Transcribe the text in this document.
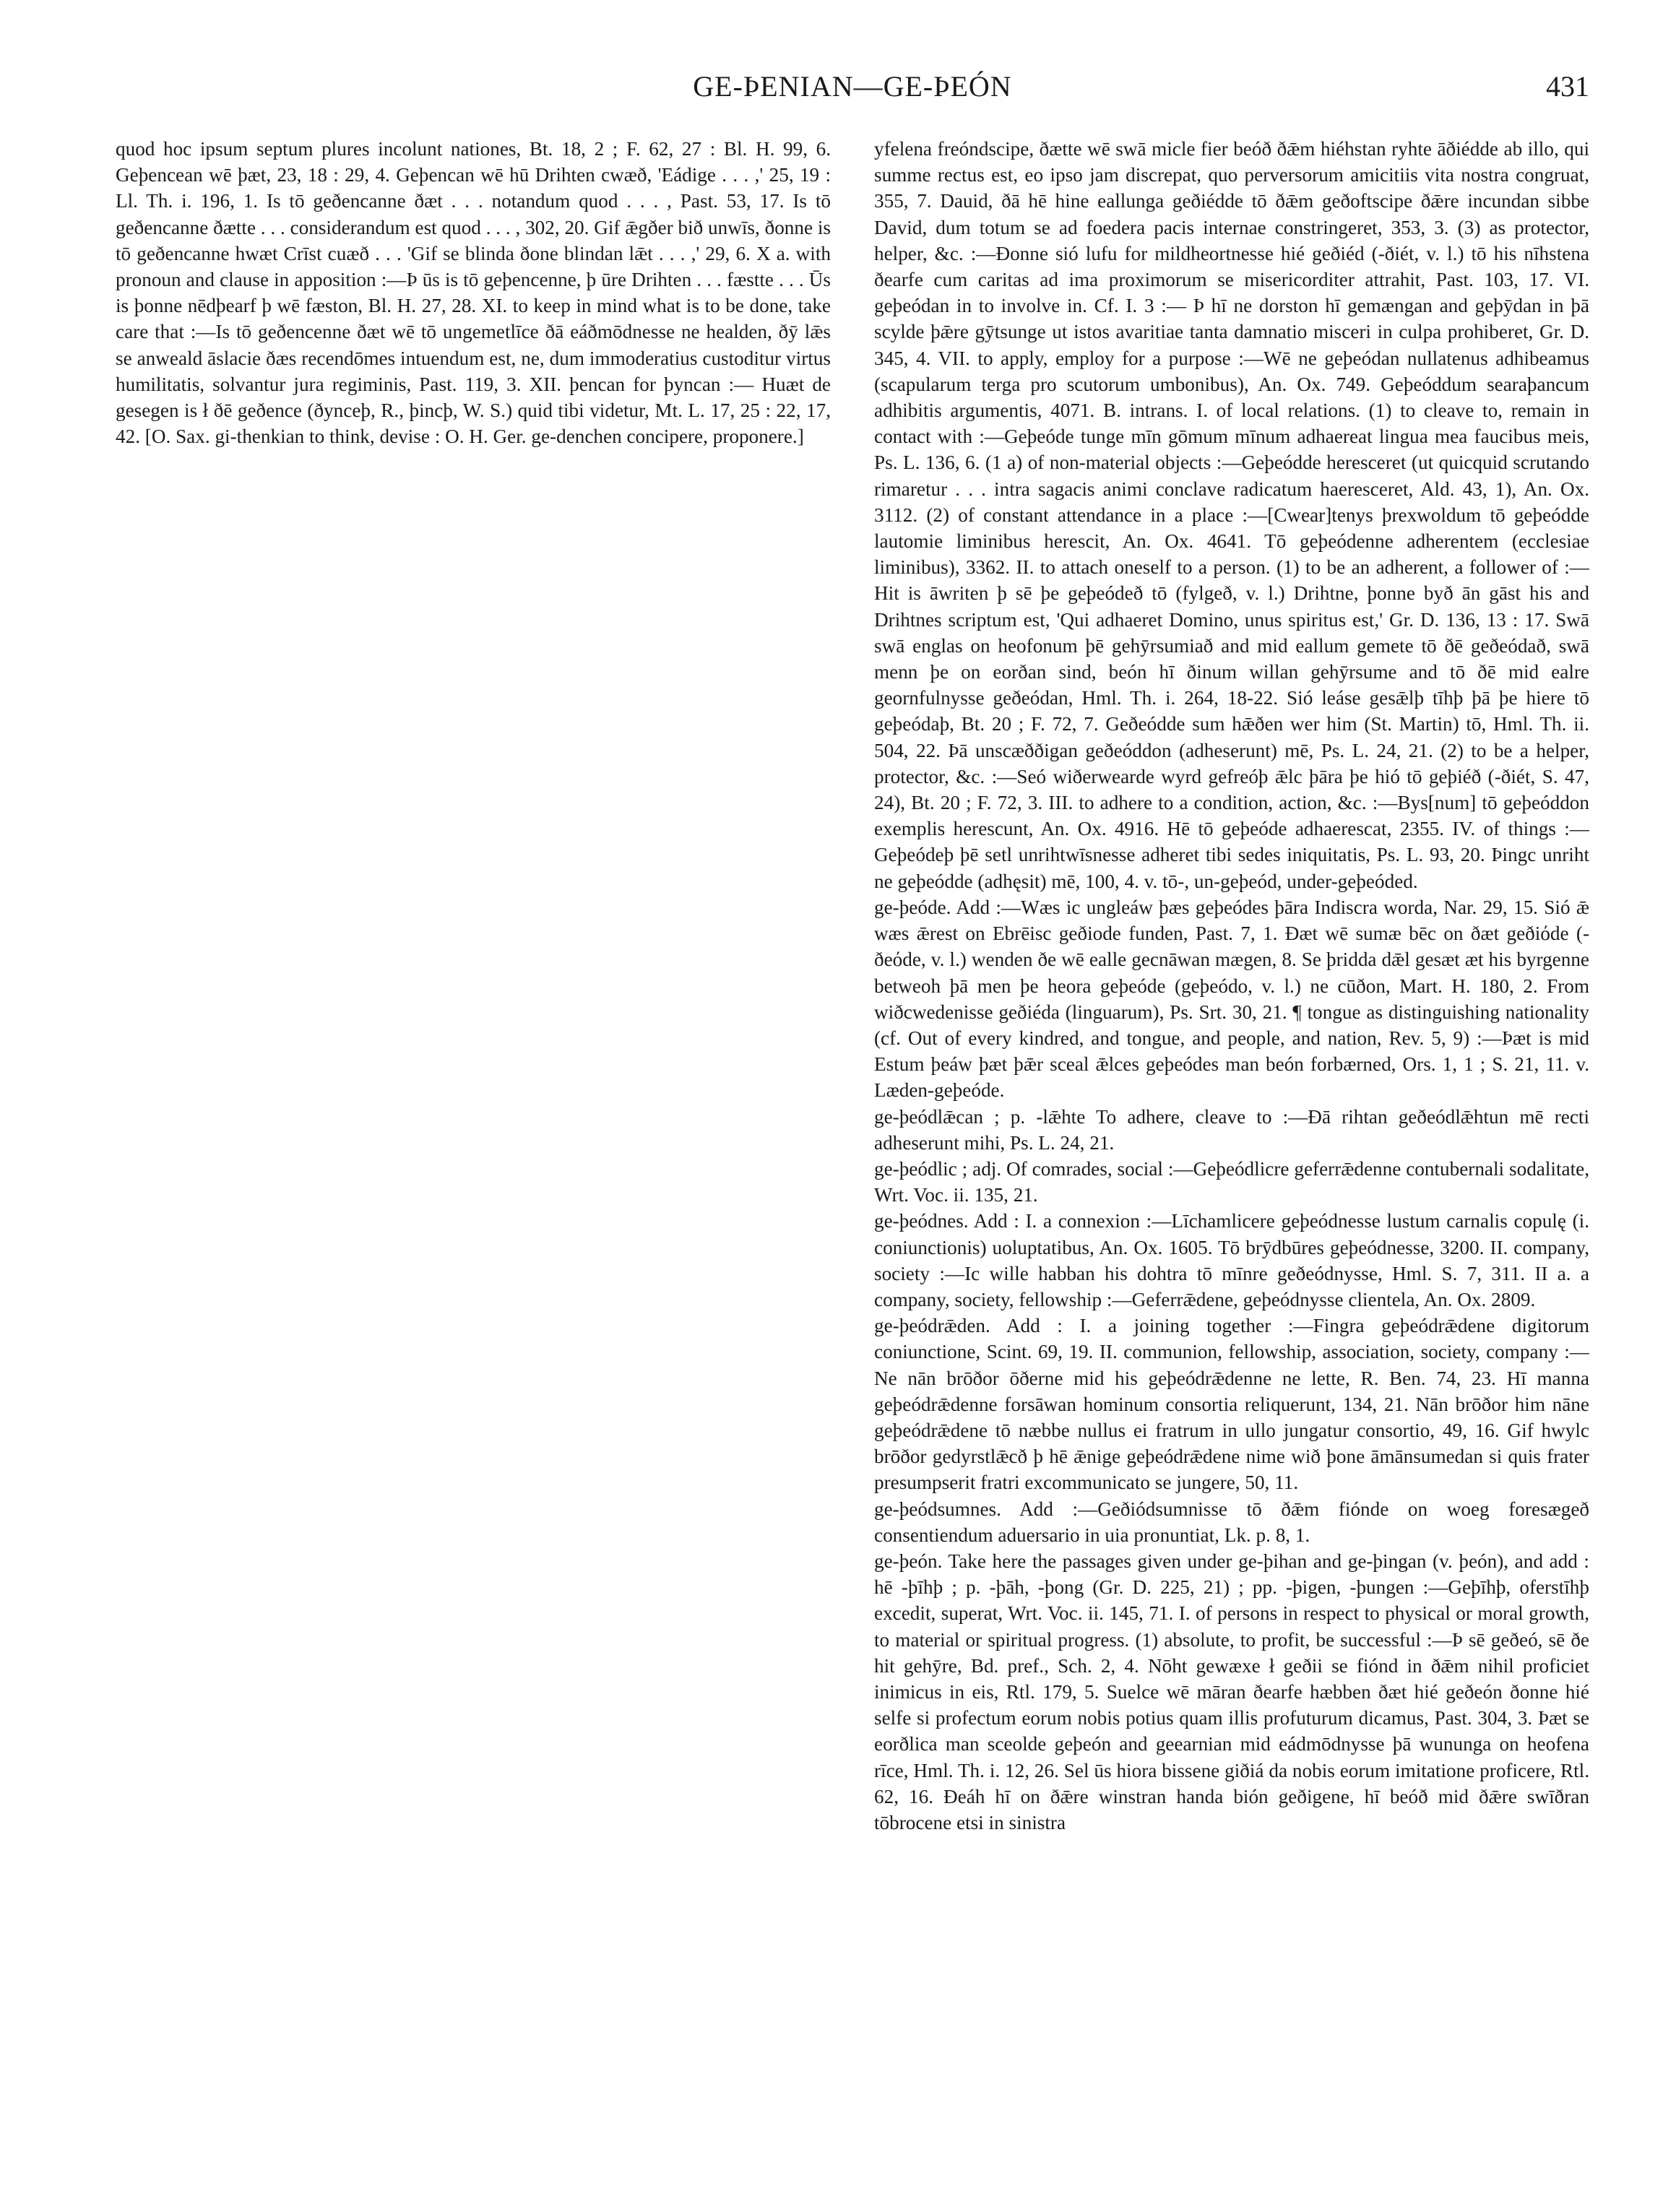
GE-ÞENIAN—GE-ÞEÓN	431

quod hoc ipsum septum plures incolunt nationes, Bt. 18, 2 ; F. 62, 27 : Bl. H. 99, 6. Geþencean wē þæt, 23, 18 : 29, 4. Geþencan wē hū Drihten cwæð, 'Eádige . . . ,' 25, 19 : Ll. Th. i. 196, 1. Is tō geðencanne ðæt . . . notandum quod . . . , Past. 53, 17. Is tō geðencanne ðætte . . . considerandum est quod . . . , 302, 20. Gif ǣgðer bið unwīs, ðonne is tō geðencanne hwæt Crīst cuæð . . . 'Gif se blinda ðone blindan lǣt . . . ,' 29, 6. X a. with pronoun and clause in apposition :—Þ ūs is tō geþencenne, þ ūre Drihten . . . fæstte . . . Ūs is þonne nēdþearf þ wē fæston, Bl. H. 27, 28. XI. to keep in mind what is to be done, take care that :—Is tō geðencenne ðæt wē tō ungemetlīce ðā eáðmōdnesse ne healden, ðȳ lǣs se anweald āslacie ðæs recendōmes intuendum est, ne, dum immoderatius custoditur virtus humilitatis, solvantur jura regiminis, Past. 119, 3. XII. þencan for þyncan :— Huæt de gesegen is ł ðē geðence (ðynceþ, R., þincþ, W. S.) quid tibi videtur, Mt. L. 17, 25 : 22, 17, 42. [O. Sax. gi-thenkian to think, devise : O. H. Ger. ge-denchen concipere, proponere.]

yfelena freóndscipe, ðætte wē swā micle fier beóð ðǣm hiéhstan ryhte āðiédde ab illo, qui summe rectus est, eo ipso jam discrepat, quo perversorum amicitiis vita nostra congruat, 355, 7. Dauid, ðā hē hine eallunga geðiédde tō ðǣm geðoftscipe ðǣre incundan sibbe David, dum totum se ad foedera pacis internae constringeret, 353, 3. (3) as protector, helper, &c. :—Ðonne sió lufu for mildheortnesse hié geðiéd (-ðiét, v. l.) tō his nīhstena ðearfe cum caritas ad ima proximorum se misericorditer attrahit, Past. 103, 17. VI. geþeódan in to involve in. Cf. I. 3 :— Þ hī ne dorston hī gemængan and geþȳdan in þā scylde þǣre gȳtsunge ut istos avaritiae tanta damnatio misceri in culpa prohiberet, Gr. D. 345, 4. VII. to apply, employ for a purpose :—Wē ne geþeódan nullatenus adhibeamus (scapularum terga pro scutorum umbonibus), An. Ox. 749. Geþeóddum searaþancum adhibitis argumentis, 4071. B. intrans. I. of local relations. (1) to cleave to, remain in contact with :—Geþeóde tunge mīn gōmum mīnum adhaereat lingua mea faucibus meis, Ps. L. 136, 6. (1 a) of non-material objects :—Geþeódde heresceret (ut quicquid scrutando rimaretur . . . intra sagacis animi conclave radicatum haeresceret, Ald. 43, 1), An. Ox. 3112. (2) of constant attendance in a place :—[Cwear]tenys þrexwoldum tō geþeódde lautomie liminibus herescit, An. Ox. 4641. Tō geþeódenne adherentem (ecclesiae liminibus), 3362. II. to attach oneself to a person. (1) to be an adherent, a follower of :—Hit is āwriten þ sē þe geþeódeð tō (fylgeð, v. l.) Drihtne, þonne byð ān gāst his and Drihtnes scriptum est, 'Qui adhaeret Domino, unus spiritus est,' Gr. D. 136, 13 : 17. Swā swā englas on heofonum þē gehȳrsumiað and mid eallum gemete tō ðē geðeódað, swā menn þe on eorðan sind, beón hī ðinum willan gehȳrsume and tō ðē mid ealre geornfulnysse geðeódan, Hml. Th. i. 264, 18-22. Sió leáse gesǣlþ tīhþ þā þe hiere tō geþeódaþ, Bt. 20 ; F. 72, 7. Geðeódde sum hǣðen wer him (St. Martin) tō, Hml. Th. ii. 504, 22. Þā unscæððigan geðeóddon (adheserunt) mē, Ps. L. 24, 21. (2) to be a helper, protector, &c. :—Seó wiðerwearde wyrd gefreóþ ǣlc þāra þe hió tō geþiéð (-ðiét, S. 47, 24), Bt. 20 ; F. 72, 3. III. to adhere to a condition, action, &c. :—Bys[num] tō geþeóddon exemplis herescunt, An. Ox. 4916. Hē tō geþeóde adhaerescat, 2355. IV. of things :—Geþeódeþ þē setl unrihtwīsnesse adheret tibi sedes iniquitatis, Ps. L. 93, 20. Þingc unriht ne geþeódde (adhęsit) mē, 100, 4. v. tō-, un-geþeód, under-geþeóded.

ge-þeóde. Add :—Wæs ic ungleáw þæs geþeódes þāra Indiscra worda, Nar. 29, 15. Sió ǣ wæs ǣrest on Ebrēisc geðiode funden, Past. 7, 1. Ðæt wē sumæ bēc on ðæt geðiόde (-ðeόde, v. l.) wenden ðe wē ealle gecnāwan mægen, 8. Se þridda dǣl gesæt æt his byrgenne betweoh þā men þe heora geþeóde (geþeódo, v. l.) ne cūðon, Mart. H. 180, 2. From wiðcwedenisse geðiéda (linguarum), Ps. Srt. 30, 21. ¶ tongue as distinguishing nationality (cf. Out of every kindred, and tongue, and people, and nation, Rev. 5, 9) :—Þæt is mid Estum þeáw þæt þǣr sceal ǣlces geþeódes man beón forbærned, Ors. 1, 1 ; S. 21, 11. v. Læden-geþeóde.

ge-þeódlǣcan ; p. -lǣhte To adhere, cleave to :—Ðā rihtan geðeódlǣhtun mē recti adheserunt mihi, Ps. L. 24, 21.

ge-þeódlic ; adj. Of comrades, social :—Geþeódlicre geferrǣdenne contubernali sodalitate, Wrt. Voc. ii. 135, 21.

ge-þeódnes. Add : I. a connexion :—Līchamlicere geþeódnesse lustum carnalis copulę (i. coniunctionis) uoluptatibus, An. Ox. 1605. Tō brȳdbūres geþeódnesse, 3200. II. company, society :—Ic wille habban his dohtra tō mīnre geðeódnysse, Hml. S. 7, 311. II a. a company, society, fellowship :—Geferrǣdene, geþeódnysse clientela, An. Ox. 2809.

ge-þeódrǣden. Add : I. a joining together :—Fingra geþeódrǣdene digitorum coniunctione, Scint. 69, 19. II. communion, fellowship, association, society, company :—Ne nān brōðor ōðerne mid his geþeódrǣdenne ne lette, R. Ben. 74, 23. Hī manna geþeódrǣdenne forsāwan hominum consortia reliquerunt, 134, 21. Nān brōðor him nāne geþeódrǣdene tō næbbe nullus ei fratrum in ullo jungatur consortio, 49, 16. Gif hwylc brōðor gedyrstlǣcð þ hē ǣnige geþeódrǣdene nime wið þone āmānsumedan si quis frater presumpserit fratri excommunicato se jungere, 50, 11.

ge-þeódsumnes. Add :—Geðiódsumnisse tō ðǣm fiónde on woeg foresægeð consentiendum aduersario in uia pronuntiat, Lk. p. 8, 1.

ge-þeón. Take here the passages given under ge-þihan and ge-þingan (v. þeón), and add : hē -þīhþ ; p. -þāh, -þong (Gr. D. 225, 21) ; pp. -þigen, -þungen :—Geþīhþ, oferstīhþ excedit, superat, Wrt. Voc. ii. 145, 71. I. of persons in respect to physical or moral growth, to material or spiritual progress. (1) absolute, to profit, be successful :—Þ sē geðeó, sē ðe hit gehȳre, Bd. pref., Sch. 2, 4. Nōht gewæxe ł geðii se fiónd in ðǣm nihil proficiet inimicus in eis, Rtl. 179, 5. Suelce wē māran ðearfe hæbben ðæt hié geðeón ðonne hié selfe si profectum eorum nobis potius quam illis profuturum dicamus, Past. 304, 3. Þæt se eorðlica man sceolde geþeón and geearnian mid eádmōdnysse þā wununga on heofena rīce, Hml. Th. i. 12, 26. Sel ūs hiora bissene giðiá da nobis eorum imitatione proficere, Rtl. 62, 16. Ðeáh hī on ðǣre winstran handa bión geðigene, hī beóð mid ðǣre swīðran tōbrocene etsi in sinistra
